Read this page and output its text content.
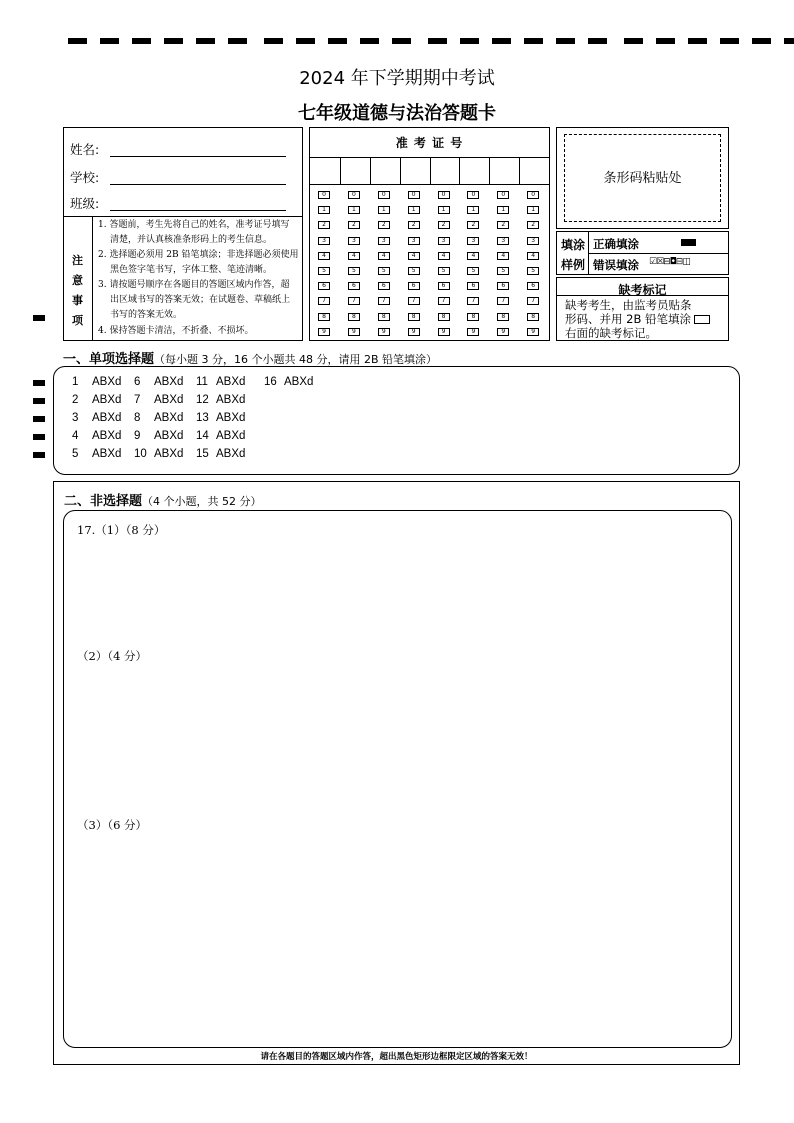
2024 年下学期期中考试
七年级道德与法治答题卡
姓名:
学校:
班级:
注
意
事
项
1. 答题前，考生先将自己的姓名，准考证号填写
清楚，并认真核准条形码上的考生信息。
2. 选择题必须用 2B 铅笔填涂；非选择题必须使用
黑色签字笔书写，字体工整、笔迹清晰。
3. 请按题号顺序在各题目的答题区域内作答，超
出区域书写的答案无效；在试题卷、草稿纸上
书写的答案无效。
4. 保持答题卡清洁，不折叠、不损坏。
准 考 证 号
0
1
2
3
4
5
6
7
8
9
0
1
2
3
4
5
6
7
8
9
0
1
2
3
4
5
6
7
8
9
0
1
2
3
4
5
6
7
8
9
0
1
2
3
4
5
6
7
8
9
0
1
2
3
4
5
6
7
8
9
0
1
2
3
4
5
6
7
8
9
0
1
2
3
4
5
6
7
8
9
条形码粘贴处
填涂
样例
正确填涂
错误填涂 ☑☒⊟◘⊟◫
缺考标记
缺考考生，由监考员贴条
形码、并用 2B 铅笔填涂
右面的缺考标记。
一、单项选择题（每小题 3 分，16 个小题共 48 分，请用 2B 铅笔填涂）
1 ABXd
2 ABXd
3 ABXd
4 ABXd
5 ABXd
6 ABXd
7 ABXd
8 ABXd
9 ABXd
10 ABXd
11 ABXd
12 ABXd
13 ABXd
14 ABXd
15 ABXd
16 ABXd
二、非选择题（4 个小题，共 52 分）
17.（1）（8 分）
（2）（4 分）
（3）（6 分）
请在各题目的答题区域内作答，超出黑色矩形边框限定区域的答案无效！
